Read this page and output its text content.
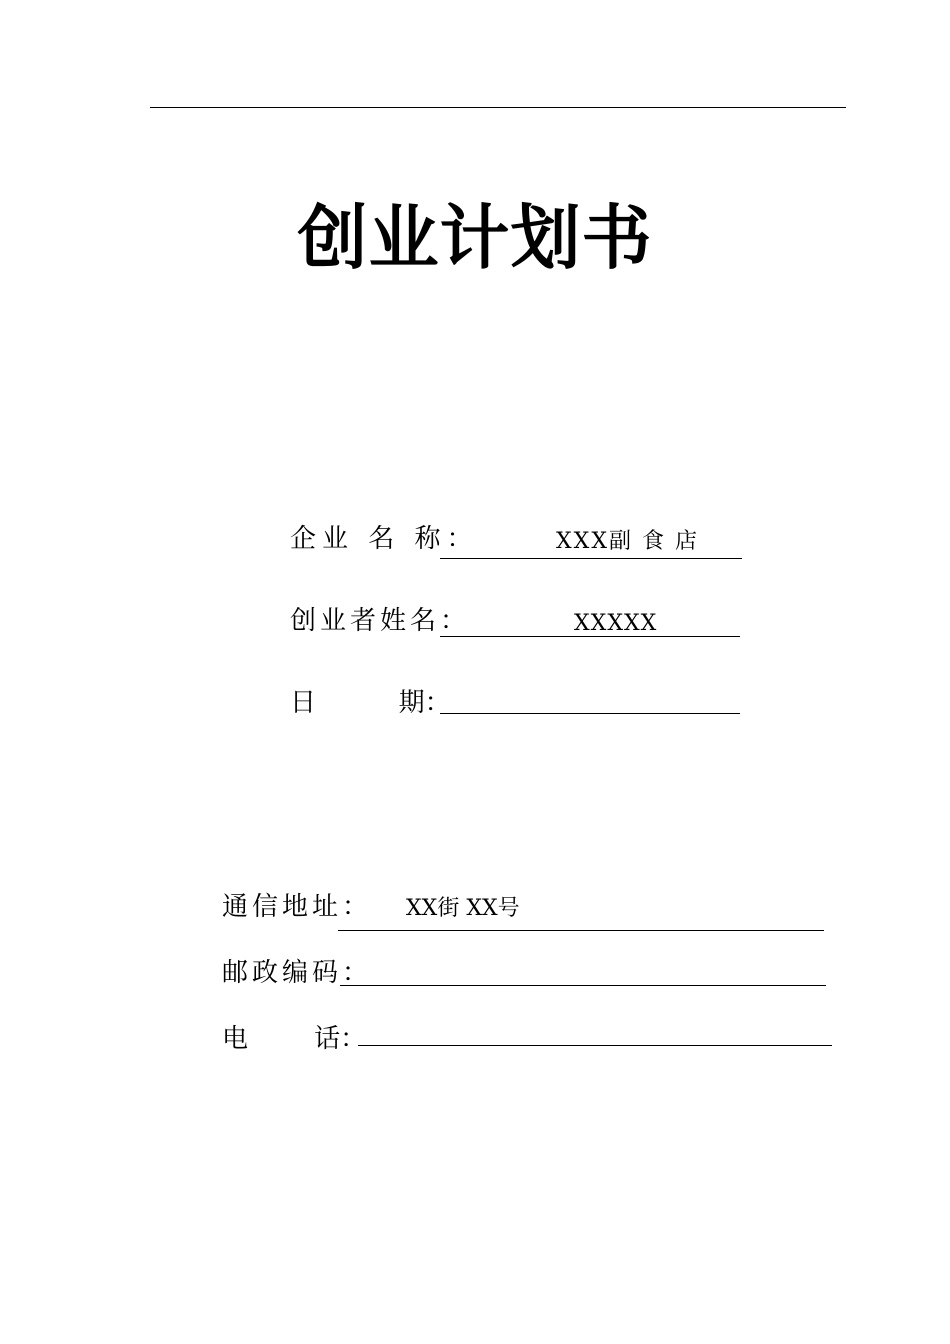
创业计划书
企业 名 称：	XXX副 食 店
创业者姓名：	XXXXX
日          期：
通信地址： XX街 XX号
邮政编码：
电        话：
